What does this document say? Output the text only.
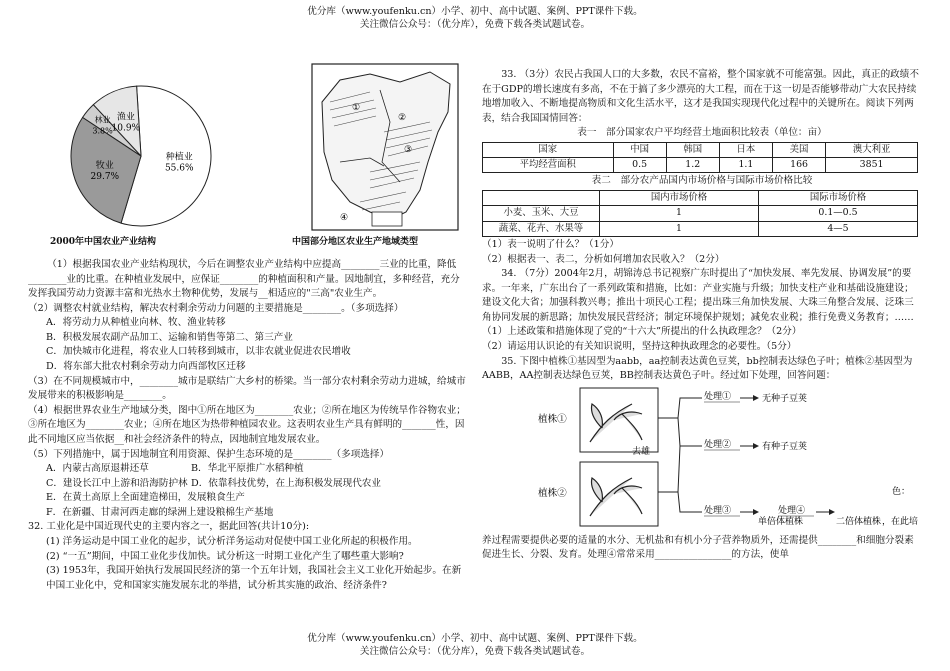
优分库（www.youfenku.cn）小学、初中、高中试题、案例、PPT课件下载。

关注微信公众号：（优分库），免费下载各类试题试卷。

种植业
55.6%
牧业
29.7%
林业
3.8%
渔业
10.9%
①
②
③
④
2000年中国农业产业结构	中国部分地区农业生产地域类型

（1）根据我国农业产业结构现状，今后在调整农业产业结构中应提高________三业的比重，降低________业的比重。在种植业发展中，应保证________的种植面积和产量。因地制宜，多种经营，充分发挥我国劳动力资源丰富和光热水土物种优势，发展与__相适应的"三高"农业生产。

（2）调整农村就业结构，解决农村剩余劳动力问题的主要措施是________。（多项选择）

A．将劳动力从种植业向林、牧、渔业转移

B．积极发展农副产品加工、运输和销售等第二、第三产业

C．加快城市化进程，将农业人口转移到城市，以非农就业促进农民增收

D．将东部大批农村剩余劳动力向西部牧区迁移

（3）在不同规模城市中，________城市是联结广大乡村的桥梁。当一部分农村剩余劳动力进城，给城市发展带来的积极影响是________。

（4）根据世界农业生产地域分类，图中①所在地区为________农业；②所在地区为传统旱作谷物农业；③所在地区为________农业；④所在地区为热带种植园农业。这表明农业生产具有鲜明的_______性，因此不同地区应当依据__和社会经济条件的特点，因地制宜地发展农业。

（5）下列措施中，属于因地制宜利用资源、保护生态环境的是________（多项选择）

A．内蒙古高原退耕还草	B．华北平原推广水稻种植
C．建设长江中上游和沿海防护林 D．依靠科技优势，在上海积极发展现代农业

E．在黄土高原上全面建造梯田，发展粮食生产

F．在新疆、甘肃河西走廊的绿洲上建设粮棉生产基地

32. 工业化是中国近现代史的主要内容之一，据此回答(共计10分):

(1) 洋务运动是中国工业化的起步，试分析洋务运动对促使中国工业化所起的积极作用。

(2) “一五”期间，中国工业化步伐加快。试分析这一时期工业化产生了哪些重大影响?

(3) 1953年，我国开始执行发展国民经济的第一个五年计划，我国社会主义工业化开始起步。在新中国工业化中，党和国家实施发展东北的举措，试分析其实施的政治、经济条件?

33. （3分）农民占我国人口的大多数，农民不富裕，整个国家就不可能富强。因此，真正的政绩不在于GDP的增长速度有多高，不在于搞了多少漂亮的大工程，而在于这一切是否能够带动广大农民持续地增加收入、不断地提高物质和文化生活水平，这才是我国实现现代化过程中的关键所在。阅读下列两表，结合我国国情回答：

表一　部分国家农户平均经营土地面积比较表（单位：亩）

国家	中国	韩国	日本	美国	澳大利亚
平均经营面积	0.5	1.2	1.1	166	3851

表二　部分农产品国内市场价格与国际市场价格比较

	国内市场价格	国际市场价格
小麦、玉米、大豆	1	0.1—0.5
蔬菜、花卉、水果等	1	4—5

（1）表一说明了什么？（1分）

（2）根据表一、表二，分析如何增加农民收入？（2分）

34. （7分）2004年2月，胡锦涛总书记视察广东时提出了“加快发展、率先发展、协调发展”的要求。一年来，广东出台了一系列政策和措施，比如：产业实施与升级；加快支柱产业和基础设施建设；建设文化大省；加强科教兴粤；推出十项民心工程；提出珠三角加快发展、大珠三角整合发展、泛珠三角协同发展的新思路；加快发展民营经济；制定环境保护规划；减免农业税；推行免费义务教育；……

（1）上述政策和措施体现了党的“十六大”所提出的什么执政理念？（2分）

（2）请运用认识论的有关知识说明，坚持这种执政理念的必要性。（5分）

35. 下图中植株①基因型为aabb，aa控制表达黄色豆荚，bb控制表达绿色子叶；植株②基因型为AABB，AA控制表达绿色豆荚，BB控制表达黄色子叶。经过如下处理，回答问题：

植株①
植株②
去雄
处理①
处理②
处理③	处理④
无种子豆荚
有种子豆荚
单倍体植株	二倍体植株
色：
，在此培

养过程需要提供必要的适量的水分、无机盐和有机小分子营养物质外，还需提供________和细胞分裂素促进生长、分裂、发育。处理④常常采用________________的方法，使单

优分库（www.youfenku.cn）小学、初中、高中试题、案例、PPT课件下载。

关注微信公众号：（优分库），免费下载各类试题试卷。
